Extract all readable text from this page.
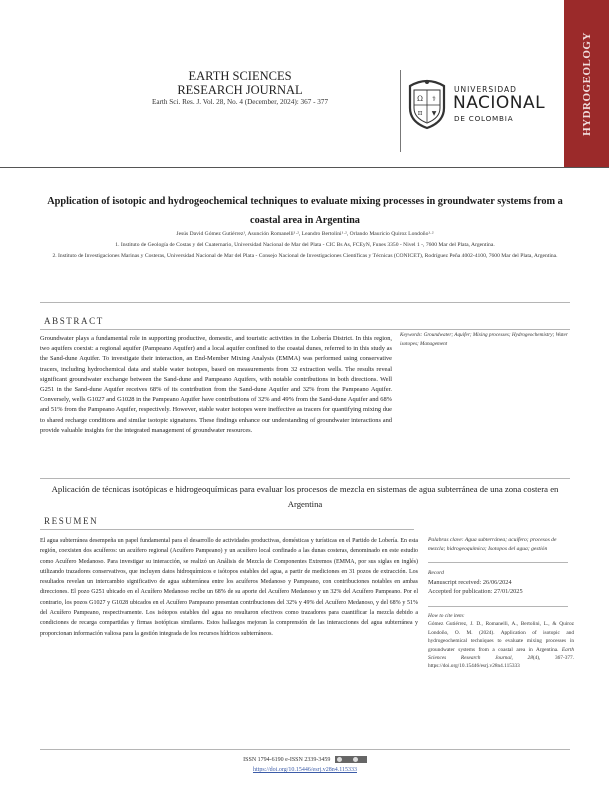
HYDROGEOLOGY
EARTH SCIENCES
RESEARCH JOURNAL
Earth Sci. Res. J. Vol. 28, No. 4 (December, 2024): 367 - 377	Ω ⚕
π ▼
UNIVERSIDAD
NACIONAL
DE COLOMBIA
Application of isotopic and hydrogeochemical techniques to evaluate mixing processes in groundwater systems from a coastal area in Argentina
Jesús David Gómez Gutiérrez¹, Asunción Romanelli¹·², Leandro Bertolini¹·², Orlando Mauricio Quiroz Londoño¹·²
1. Instituto de Geología de Costas y del Cuaternario, Universidad Nacional de Mar del Plata - CIC Bs As, FCEyN, Funes 3350 - Nivel 1 -, 7600 Mar del Plata, Argentina.
2. Instituto de Investigaciones Marinas y Costeras, Universidad Nacional de Mar del Plata - Consejo Nacional de Investigaciones Científicas y Técnicas (CONICET), Rodríguez Peña 4002-4100, 7600 Mar del Plata, Argentina.
ABSTRACT
Groundwater plays a fundamental role in supporting productive, domestic, and touristic activities in the Lobería District. In this region, two aquifers coexist: a regional aquifer (Pampeano Aquifer) and a local aquifer confined to the coastal dunes, referred to in this study as the Sand-dune Aquifer. To investigate their interaction, an End-Member Mixing Analysis (EMMA) was performed using conservative tracers, including hydrochemical data and stable water isotopes, based on measurements from 32 extraction wells. The results reveal significant groundwater exchange between the Sand-dune and Pampeano Aquifers, with notable contributions in both directions. Well G251 in the Sand-dune Aquifer receives 68% of its contribution from the Sand-dune Aquifer and 32% from the Pampeano Aquifer. Conversely, wells G1027 and G1028 in the Pampeano Aquifer have contributions of 32% and 49% from the Sand-dune Aquifer and 68% and 51% from the Pampeano Aquifer, respectively. However, stable water isotopes were ineffective as tracers for quantifying mixing due to shared recharge conditions and similar isotopic signatures. These findings enhance our understanding of groundwater interactions and provide valuable insights for the integrated management of groundwater resources.
Keywords: Groundwater; Aquifer; Mixing processes; Hydrogeochemistry; Water isotopes; Management
Aplicación de técnicas isotópicas e hidrogeoquímicas para evaluar los procesos de mezcla en sistemas de agua subterránea de una zona costera en Argentina
RESUMEN
El agua subterránea desempeña un papel fundamental para el desarrollo de actividades productivas, domésticas y turísticas en el Partido de Lobería. En esta región, coexisten dos acuíferos: un acuífero regional (Acuífero Pampeano) y un acuífero local confinado a las dunas costeras, denominado en este estudio como Acuífero Medanoso. Para investigar su interacción, se realizó un Análisis de Mezcla de Componentes Extremos (EMMA, por sus siglas en inglés) utilizando trazadores conservativos, que incluyen datos hidroquímicos e isótopos estables del agua, a partir de mediciones en 31 pozos de extracción. Los resultados revelan un intercambio significativo de agua subterránea entre los acuíferos Medanoso y Pampeano, con contribuciones notables en ambas direcciones. El pozo G251 ubicado en el Acuífero Medanoso recibe un 68% de su aporte del Acuífero Medanoso y un 32% del Acuífero Pampeano. Por el contrario, los pozos G1027 y G1028 ubicados en el Acuífero Pampeano presentan contribuciones del 32% y 49% del Acuífero Medanoso, y del 68% y 51% del Acuífero Pampeano, respectivamente. Los isótopos estables del agua no resultaron efectivos como trazadores para cuantificar la mezcla debido a condiciones de recarga compartidas y firmas isotópicas similares. Estos hallazgos mejoran la comprensión de las interacciones del agua subterránea y proporcionan información valiosa para la gestión integrada de los recursos hídricos subterráneos.
Palabras clave: Agua subterránea; acuífero; procesos de mezcla; hidrogeoquímica; Isotopos del agua; gestión
Record
Manuscript received: 26/06/2024
Accepted for publication: 27/01/2025
How to cite item:
Gómez Gutiérrez, J. D., Romanelli, A., Bertolini, L., & Quiroz Londoño, O. M. (2024). Application of isotopic and hydrogeochemical techniques to evaluate mixing processes in groundwater systems from a coastal area in Argentina. Earth Sciences Research Journal, 28(4), 367-377. https://doi.org/10.15446/esrj.v28n4.115333
ISSN 1794-6190 e-ISSN 2339-3459
https://doi.org/10.15446/esrj.v28n4.115333
